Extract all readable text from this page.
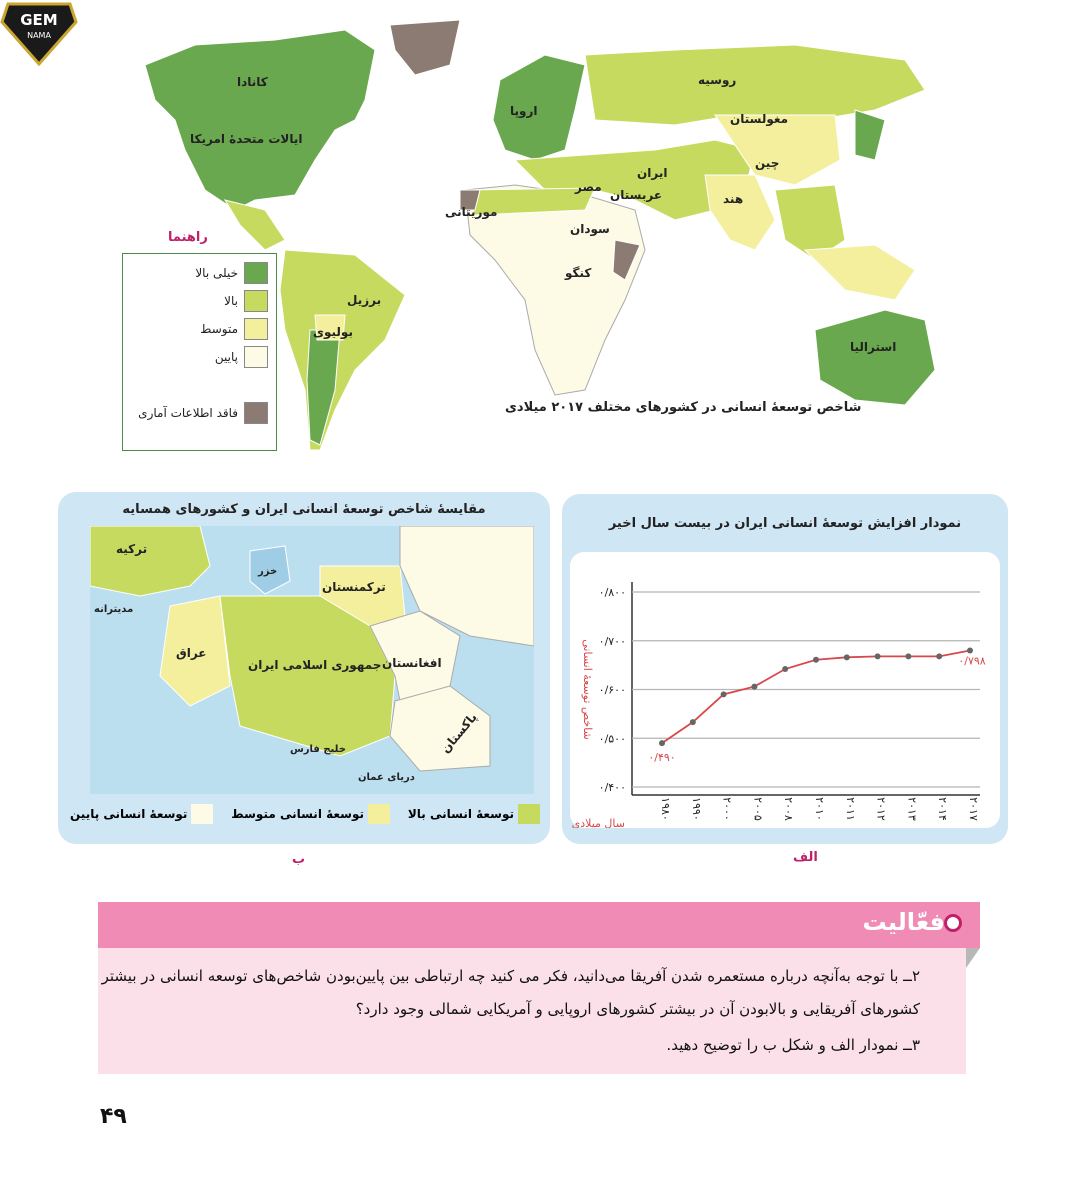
GEM
NAMA
کانادا
ایالات متحدهٔ امریکا
روسیه
اروپا
مغولستان
چین
ایران
مصر
عربستان	هند
موریتانی
سودان
کنگو
برزیل
بولیوی
استرالیا
راهنما
خیلی بالا
بالا
متوسط
پایین
فاقد اطلاعات آماری	شاخص توسعهٔ انسانی در کشورهای مختلف ۲۰۱۷ میلادی
مقایسهٔ شاخص توسعهٔ انسانی ایران و کشورهای همسایه
ترکیه
ترکمنستان
عراق
جمهوری اسلامی ایران افغانستان
پاکستان
خزر
خلیج فارس
دریای عمان
مدیترانه
توسعهٔ انسانی بالا
توسعهٔ انسانی متوسط
توسعهٔ انسانی پایین
ب
نمودار افزایش توسعهٔ انسانی ایران در بیست سال اخیر
۰/۴۰۰
۰/۵۰۰
۰/۶۰۰
۰/۷۰۰
۰/۸۰۰
شاخص توسعهٔ انسانی
سال میلادی
۱۹۸۰ ۱۹۹۰ ۲۰۰۰ ۲۰۰۵ ۲۰۰۸ ۲۰۱۰ ۲۰۱۱ ۲۰۱۲ ۲۰۱۳ ۲۰۱۴ ۲۰۱۷
۰/۴۹۰
۰/۷۹۸
الف
فعّالیت
۲ــ با توجه به‌آنچه درباره مستعمره شدن آفریقا می‌دانید، فکر می کنید چه ارتباطی بین پایین‌بودن شاخص‌های توسعه انسانی در بیشتر کشورهای آفریقایی و بالابودن آن در بیشتر کشورهای اروپایی و آمریکایی شمالی وجود دارد؟
۳ــ نمودار الف و شکل ب را توضیح دهید.
۴۹
